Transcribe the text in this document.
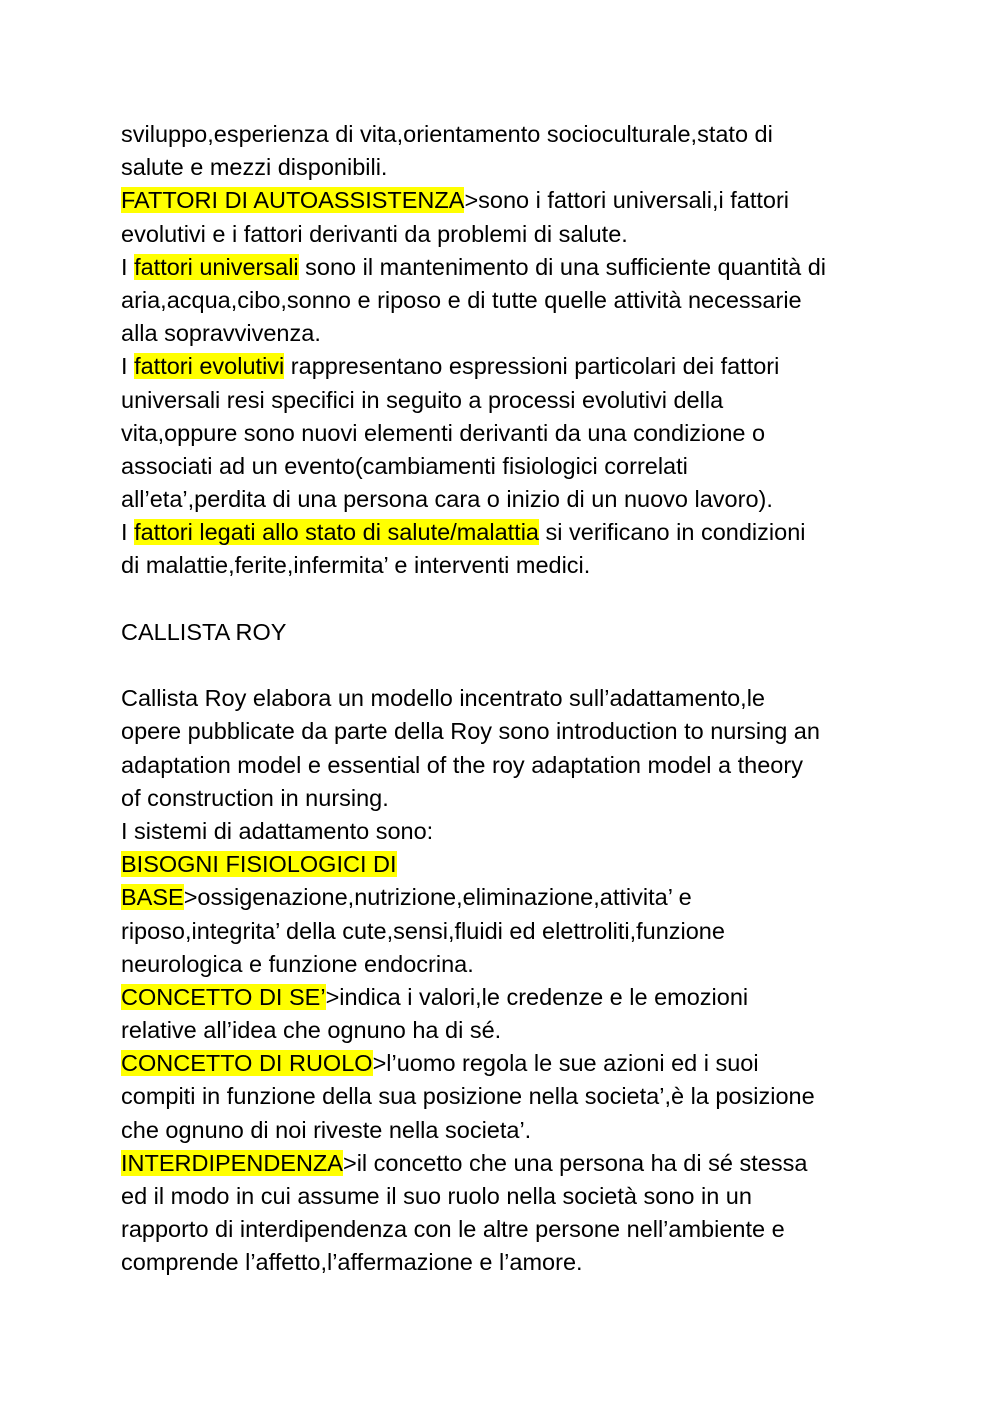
sviluppo,esperienza di vita,orientamento socioculturale,stato di
salute e mezzi disponibili.
FATTORI DI AUTOASSISTENZA>sono i fattori universali,i fattori
evolutivi e i fattori derivanti da problemi di salute.
I fattori universali sono il mantenimento di una sufficiente quantità di
aria,acqua,cibo,sonno e riposo e di tutte quelle attività necessarie
alla sopravvivenza.
I fattori evolutivi rappresentano espressioni particolari dei fattori
universali resi specifici in seguito a processi evolutivi della
vita,oppure sono nuovi elementi derivanti da una condizione o
associati ad un evento(cambiamenti fisiologici correlati
all’eta’,perdita di una persona cara o inizio di un nuovo lavoro).
I fattori legati allo stato di salute/malattia si verificano in condizioni
di malattie,ferite,infermita’ e interventi medici.
CALLISTA ROY
Callista Roy elabora un modello incentrato sull’adattamento,le
opere pubblicate da parte della Roy sono introduction to nursing an
adaptation model e essential of the roy adaptation model a theory
of construction in nursing.
I sistemi di adattamento sono:
BISOGNI FISIOLOGICI DI
BASE>ossigenazione,nutrizione,eliminazione,attivita’ e
riposo,integrita’ della cute,sensi,fluidi ed elettroliti,funzione
neurologica e funzione endocrina.
CONCETTO DI SE’>indica i valori,le credenze e le emozioni
relative all’idea che ognuno ha di sé.
CONCETTO DI RUOLO>l’uomo regola le sue azioni ed i suoi
compiti in funzione della sua posizione nella societa’,è la posizione
che ognuno di noi riveste nella societa’.
INTERDIPENDENZA>il concetto che una persona ha di sé stessa
ed il modo in cui assume il suo ruolo nella società sono in un
rapporto di interdipendenza con le altre persone nell’ambiente e
comprende l’affetto,l’affermazione e l’amore.
